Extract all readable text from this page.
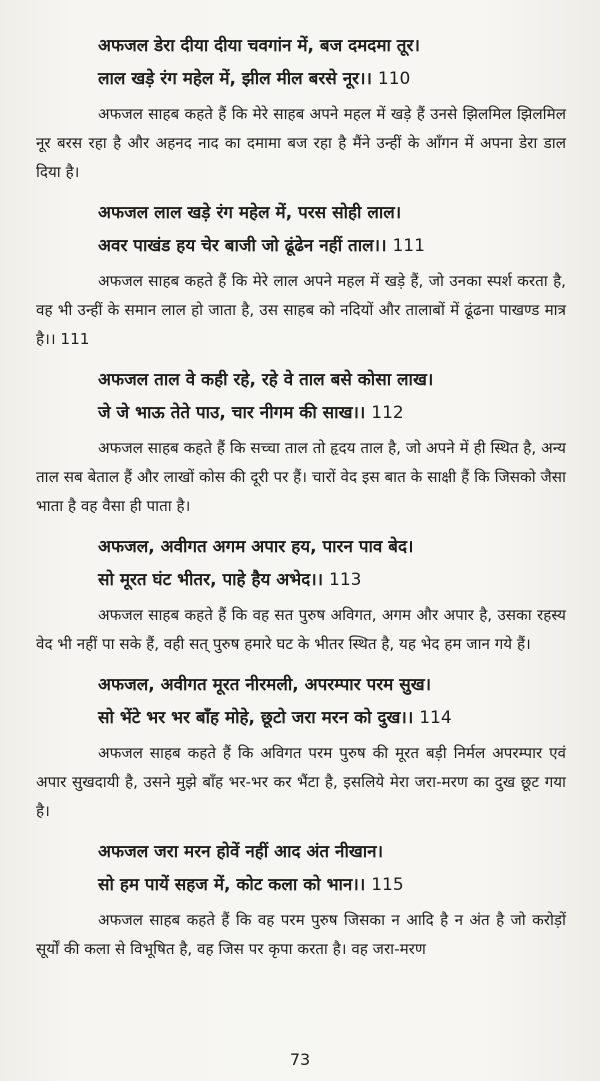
अफजल डेरा दीया दीया चवगांन में, बज दमदमा तूर।

लाल खड़े रंग महेल में, झील मील बरसे नूर।। 110

अफजल साहब कहते हैं कि मेरे साहब अपने महल में खड़े हैं उनसे झिलमिल झिलमिल नूर बरस रहा है और अहनद नाद का दमामा बज रहा है मैंने उन्हीं के आँगन में अपना डेरा डाल दिया है।

अफजल लाल खड़े रंग महेल में, परस सोही लाल।

अवर पाखंड हय चेर बाजी जो ढूंढेन नहीं ताल।। 111

अफजल साहब कहते हैं कि मेरे लाल अपने महल में खड़े हैं, जो उनका स्पर्श करता है, वह भी उन्हीं के समान लाल हो जाता है, उस साहब को नदियों और तालाबों में ढूंढना पाखण्ड मात्र है।। 111

अफजल ताल वे कही रहे, रहे वे ताल बसे कोसा लाख।

जे जे भाऊ तेते पाउ, चार नीगम की साख।। 112

अफजल साहब कहते हैं कि सच्चा ताल तो हृदय ताल है, जो अपने में ही स्थित है, अन्य ताल सब बेताल हैं और लाखों कोस की दूरी पर हैं। चारों वेद इस बात के साक्षी हैं कि जिसको जैसा भाता है वह वैसा ही पाता है।

अफजल, अवीगत अगम अपार हय, पारन पाव बेद।

सो मूरत घंट भीतर, पाहे हैय अभेद।। 113

अफजल साहब कहते हैं कि वह सत पुरुष अविगत, अगम और अपार है, उसका रहस्य वेद भी नहीं पा सके हैं, वही सत् पुरुष हमारे घट के भीतर स्थित है, यह भेद हम जान गये हैं।

अफजल, अवीगत मूरत नीरमली, अपरम्पार परम सुख।

सो भेंटे भर भर बाँह मोहे, छूटो जरा मरन को दुख।। 114

अफजल साहब कहते हैं कि अविगत परम पुरुष की मूरत बड़ी निर्मल अपरम्पार एवं अपार सुखदायी है, उसने मुझे बाँह भर-भर कर भैंटा है, इसलिये मेरा जरा-मरण का दुख छूट गया है।

अफजल जरा मरन होवें नहीं आद अंत नीखान।

सो हम पायें सहज में, कोट कला को भान।। 115

अफजल साहब कहते हैं कि वह परम पुरुष जिसका न आदि है न अंत है जो करोड़ों सूर्यों की कला से विभूषित है, वह जिस पर कृपा करता है। वह जरा-मरण

73
